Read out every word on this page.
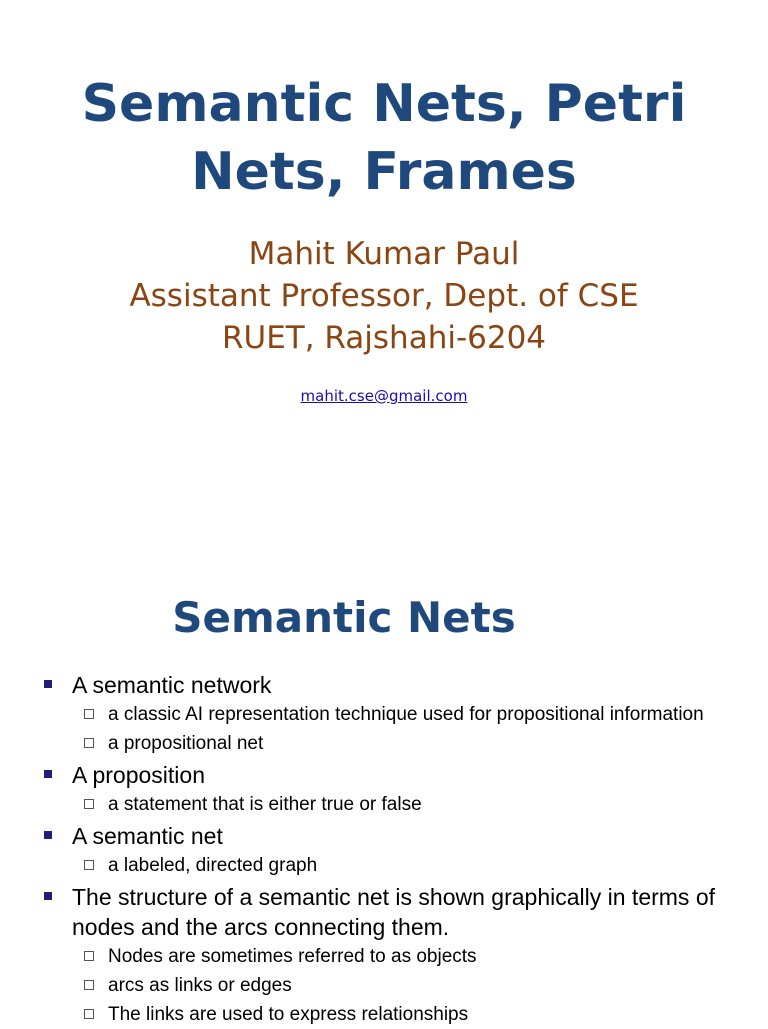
Semantic Nets, Petri
Nets, Frames
Mahit Kumar Paul
Assistant Professor, Dept. of CSE
RUET, Rajshahi-6204
mahit.cse@gmail.com
Semantic Nets
A semantic network
a classic AI representation technique used for propositional information
a propositional net
A proposition
a statement that is either true or false
A semantic net
a labeled, directed graph
The structure of a semantic net is shown graphically in terms of
nodes and the arcs connecting them.
Nodes are sometimes referred to as objects
arcs as links or edges
The links are used to express relationships
